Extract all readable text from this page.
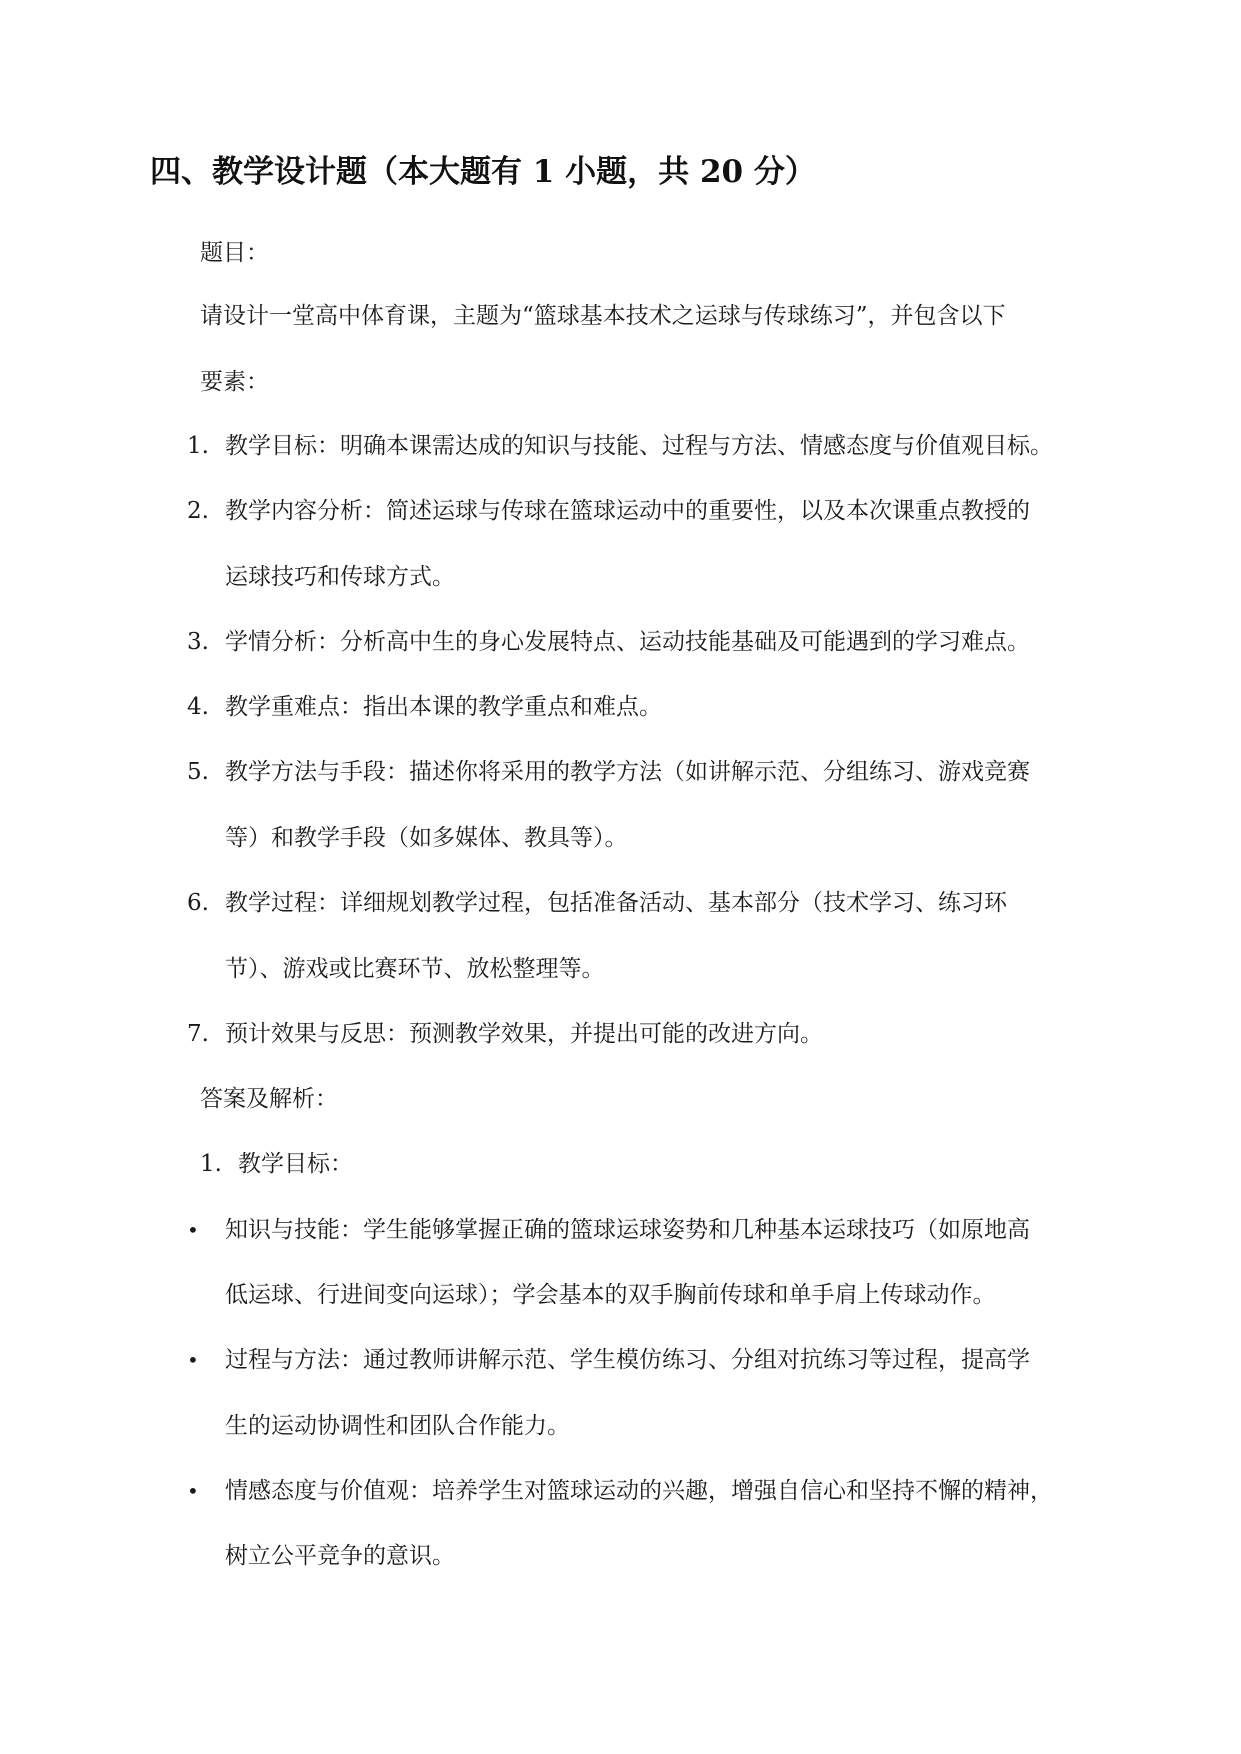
四、教学设计题（本大题有 1 小题，共 20 分）
题目：
请设计一堂高中体育课，主题为“篮球基本技术之运球与传球练习”，并包含以下
要素：
1. 教学目标：明确本课需达成的知识与技能、过程与方法、情感态度与价值观目标。
2. 教学内容分析：简述运球与传球在篮球运动中的重要性，以及本次课重点教授的
运球技巧和传球方式。
3. 学情分析：分析高中生的身心发展特点、运动技能基础及可能遇到的学习难点。
4. 教学重难点：指出本课的教学重点和难点。
5. 教学方法与手段：描述你将采用的教学方法（如讲解示范、分组练习、游戏竞赛
等）和教学手段（如多媒体、教具等）。
6. 教学过程：详细规划教学过程，包括准备活动、基本部分（技术学习、练习环
节）、游戏或比赛环节、放松整理等。
7. 预计效果与反思：预测教学效果，并提出可能的改进方向。
答案及解析：
1. 教学目标：
• 知识与技能：学生能够掌握正确的篮球运球姿势和几种基本运球技巧（如原地高
低运球、行进间变向运球）；学会基本的双手胸前传球和单手肩上传球动作。
• 过程与方法：通过教师讲解示范、学生模仿练习、分组对抗练习等过程，提高学
生的运动协调性和团队合作能力。
• 情感态度与价值观：培养学生对篮球运动的兴趣，增强自信心和坚持不懈的精神，
树立公平竞争的意识。
